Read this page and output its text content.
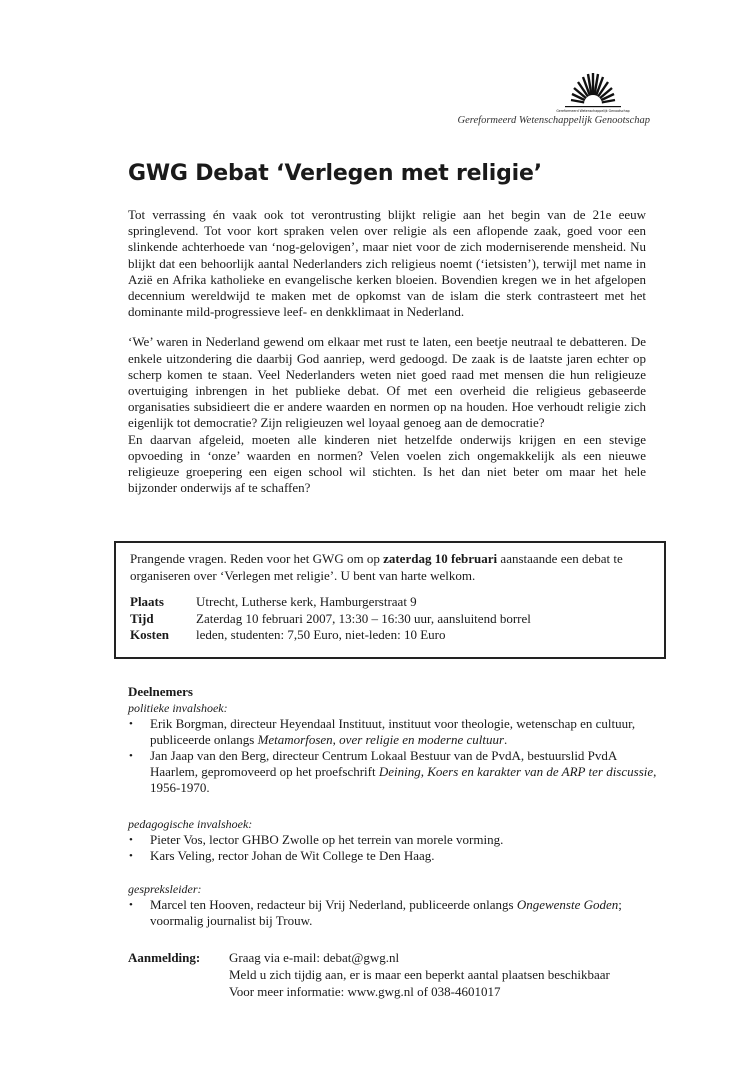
Gereformeerd Wetenschappelijk Genootschap
Gereformeerd Wetenschappelijk Genootschap
GWG Debat ‘Verlegen met religie’

Tot verrassing én vaak ook tot verontrusting blijkt religie aan het begin van de 21e eeuw springlevend. Tot voor kort spraken velen over religie als een aflopende zaak, goed voor een slinkende achterhoede van ‘nog-gelovigen’, maar niet voor de zich moderniserende mensheid. Nu blijkt dat een behoorlijk aantal Nederlanders zich religieus noemt (‘ietsisten’), terwijl met name in Azië en Afrika katholieke en evangelische kerken bloeien. Bovendien kregen we in het afgelopen decennium wereldwijd te maken met de opkomst van de islam die sterk contrasteert met het dominante mild-progressieve leef- en denkklimaat in Nederland.

‘We’ waren in Nederland gewend om elkaar met rust te laten, een beetje neutraal te debatteren. De enkele uitzondering die daarbij God aanriep, werd gedoogd. De zaak is de laatste jaren echter op scherp komen te staan. Veel Nederlanders weten niet goed raad met mensen die hun religieuze overtuiging inbrengen in het publieke debat. Of met een overheid die religieus gebaseerde organisaties subsidieert die er andere waarden en normen op na houden. Hoe verhoudt religie zich eigenlijk tot democratie? Zijn religieuzen wel loyaal genoeg aan de democratie?

En daarvan afgeleid, moeten alle kinderen niet hetzelfde onderwijs krijgen en een stevige opvoeding in ‘onze’ waarden en normen? Velen voelen zich ongemakkelijk als een nieuwe religieuze groepering een eigen school wil stichten. Is het dan niet beter om maar het hele bijzonder onderwijs af te schaffen?

Prangende vragen. Reden voor het GWG om op zaterdag 10 februari aanstaande een debat te organiseren over ‘Verlegen met religie’. U bent van harte welkom.

Plaats	Utrecht, Lutherse kerk, Hamburgerstraat 9
Tijd	Zaterdag 10 februari 2007, 13:30 – 16:30 uur, aansluitend borrel
Kosten	leden, studenten: 7,50 Euro, niet-leden: 10 Euro
Deelnemers
politieke invalshoek:
• Erik Borgman, directeur Heyendaal Instituut, instituut voor theologie, wetenschap en cultuur, publiceerde onlangs Metamorfosen, over religie en moderne cultuur.
• Jan Jaap van den Berg, directeur Centrum Lokaal Bestuur van de PvdA, bestuurslid PvdA Haarlem, gepromoveerd op het proefschrift Deining, Koers en karakter van de ARP ter discussie, 1956-1970.
pedagogische invalshoek:
• Pieter Vos, lector GHBO Zwolle op het terrein van morele vorming.
• Kars Veling, rector Johan de Wit College te Den Haag.
gespreksleider:
• Marcel ten Hooven, redacteur bij Vrij Nederland, publiceerde onlangs Ongewenste Goden; voormalig journalist bij Trouw.
Aanmelding: Graag via e-mail: debat@gwg.nl
Meld u zich tijdig aan, er is maar een beperkt aantal plaatsen beschikbaar
Voor meer informatie: www.gwg.nl of 038-4601017
